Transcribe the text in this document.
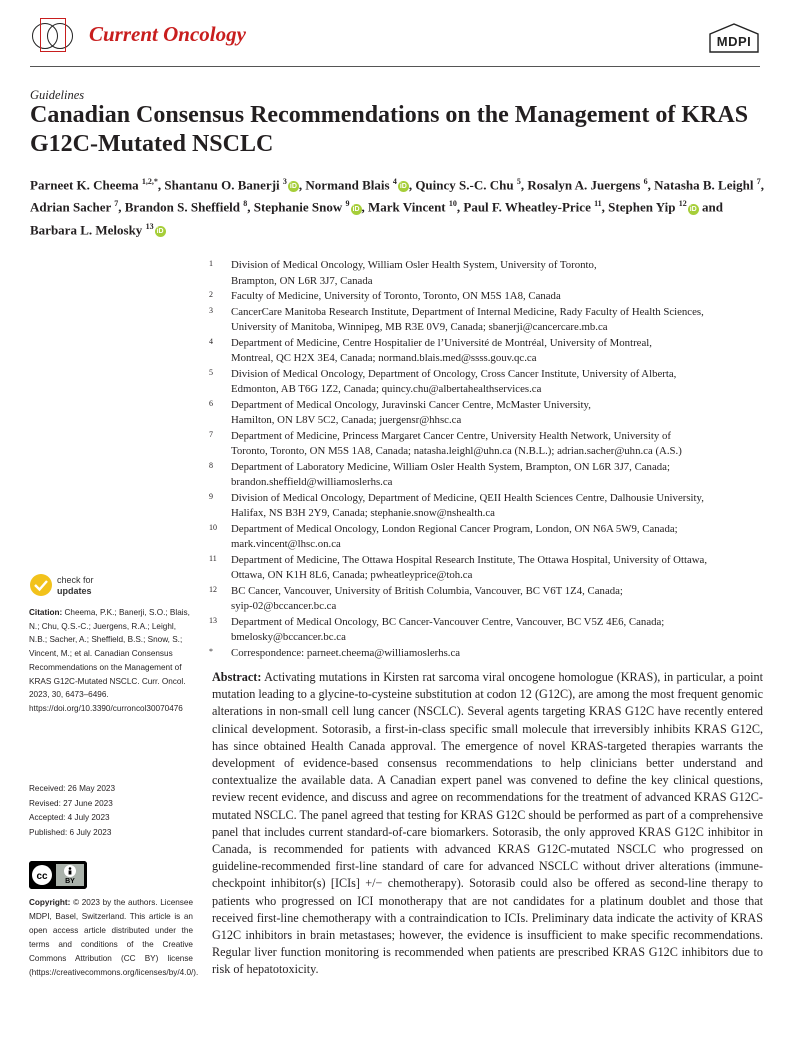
Current Oncology	MDPI
Guidelines
Canadian Consensus Recommendations on the Management of KRAS G12C-Mutated NSCLC
Parneet K. Cheema $^{1,2,*}$, Shantanu O. Banerji $^3$iD , Normand Blais $^4$iD , Quincy S.-C. Chu $^5$, Rosalyn A. Juergens $^6$, Natasha B. Leighl $^7$, Adrian Sacher $^7$, Brandon S. Sheffield $^8$, Stephanie Snow $^9$iD , Mark Vincent $^{10}$, Paul F. Wheatley-Price $^{11}$, Stephen Yip $^{12}$iD and Barbara L. Melosky $^{13}$iD
1 Division of Medical Oncology, William Osler Health System, University of Toronto,
Brampton, ON L6R 3J7, Canada
2 Faculty of Medicine, University of Toronto, Toronto, ON M5S 1A8, Canada
3 CancerCare Manitoba Research Institute, Department of Internal Medicine, Rady Faculty of Health Sciences,
University of Manitoba, Winnipeg, MB R3E 0V9, Canada; sbanerji@cancercare.mb.ca
4 Department of Medicine, Centre Hospitalier de l’Université de Montréal, University of Montreal,
Montreal, QC H2X 3E4, Canada; normand.blais.med@ssss.gouv.qc.ca
5 Division of Medical Oncology, Department of Oncology, Cross Cancer Institute, University of Alberta,
Edmonton, AB T6G 1Z2, Canada; quincy.chu@albertahealthservices.ca
6 Department of Medical Oncology, Juravinski Cancer Centre, McMaster University,
Hamilton, ON L8V 5C2, Canada; juergensr@hhsc.ca
7 Department of Medicine, Princess Margaret Cancer Centre, University Health Network, University of
Toronto, Toronto, ON M5S 1A8, Canada; natasha.leighl@uhn.ca (N.B.L.); adrian.sacher@uhn.ca (A.S.)
8 Department of Laboratory Medicine, William Osler Health System, Brampton, ON L6R 3J7, Canada;
brandon.sheffield@williamoslerhs.ca
9 Division of Medical Oncology, Department of Medicine, QEII Health Sciences Centre, Dalhousie University,
Halifax, NS B3H 2Y9, Canada; stephanie.snow@nshealth.ca
10 Department of Medical Oncology, London Regional Cancer Program, London, ON N6A 5W9, Canada;
mark.vincent@lhsc.on.ca
11 Department of Medicine, The Ottawa Hospital Research Institute, The Ottawa Hospital, University of Ottawa,
Ottawa, ON K1H 8L6, Canada; pwheatleyprice@toh.ca
12 BC Cancer, Vancouver, University of British Columbia, Vancouver, BC V6T 1Z4, Canada;
syip-02@bccancer.bc.ca
13 Department of Medical Oncology, BC Cancer-Vancouver Centre, Vancouver, BC V5Z 4E6, Canada;
bmelosky@bccancer.bc.ca
* Correspondence: parneet.cheema@williamoslerhs.ca
check for
updates
Citation: Cheema, P.K.; Banerji, S.O.; Blais, N.; Chu, Q.S.-C.; Juergens, R.A.; Leighl, N.B.; Sacher, A.; Sheffield, B.S.; Snow, S.; Vincent, M.; et al. Canadian Consensus Recommendations on the Management of KRAS G12C-Mutated NSCLC. Curr. Oncol. 2023, 30, 6473–6496. https://doi.org/10.3390/curroncol30070476
Received: 26 May 2023
Revised: 27 June 2023
Accepted: 4 July 2023
Published: 6 July 2023
cc	BY
Copyright: © 2023 by the authors. Licensee MDPI, Basel, Switzerland. This article is an open access article distributed under the terms and conditions of the Creative Commons Attribution (CC BY) license (https://creativecommons.org/licenses/by/4.0/).
Abstract: Activating mutations in Kirsten rat sarcoma viral oncogene homologue (KRAS), in particular, a point mutation leading to a glycine-to-cysteine substitution at codon 12 (G12C), are among the most frequent genomic alterations in non-small cell lung cancer (NSCLC). Several agents targeting KRAS G12C have recently entered clinical development. Sotorasib, a first-in-class specific small molecule that irreversibly inhibits KRAS G12C, has since obtained Health Canada approval. The emergence of novel KRAS-targeted therapies warrants the development of evidence-based consensus recommendations to help clinicians better understand and contextualize the available data. A Canadian expert panel was convened to define the key clinical questions, review recent evidence, and discuss and agree on recommendations for the treatment of advanced KRAS G12C-mutated NSCLC. The panel agreed that testing for KRAS G12C should be performed as part of a comprehensive panel that includes current standard-of-care biomarkers. Sotorasib, the only approved KRAS G12C inhibitor in Canada, is recommended for patients with advanced KRAS G12C-mutated NSCLC who progressed on guideline-recommended first-line standard of care for advanced NSCLC without driver alterations (immune-checkpoint inhibitor(s) [ICIs] +/− chemotherapy). Sotorasib could also be offered as second-line therapy to patients who progressed on ICI monotherapy that are not candidates for a platinum doublet and those that received first-line chemotherapy with a contraindication to ICIs. Preliminary data indicate the activity of KRAS G12C inhibitors in brain metastases; however, the evidence is insufficient to make specific recommendations. Regular liver function monitoring is recommended when patients are prescribed KRAS G12C inhibitors due to risk of hepatotoxicity.
